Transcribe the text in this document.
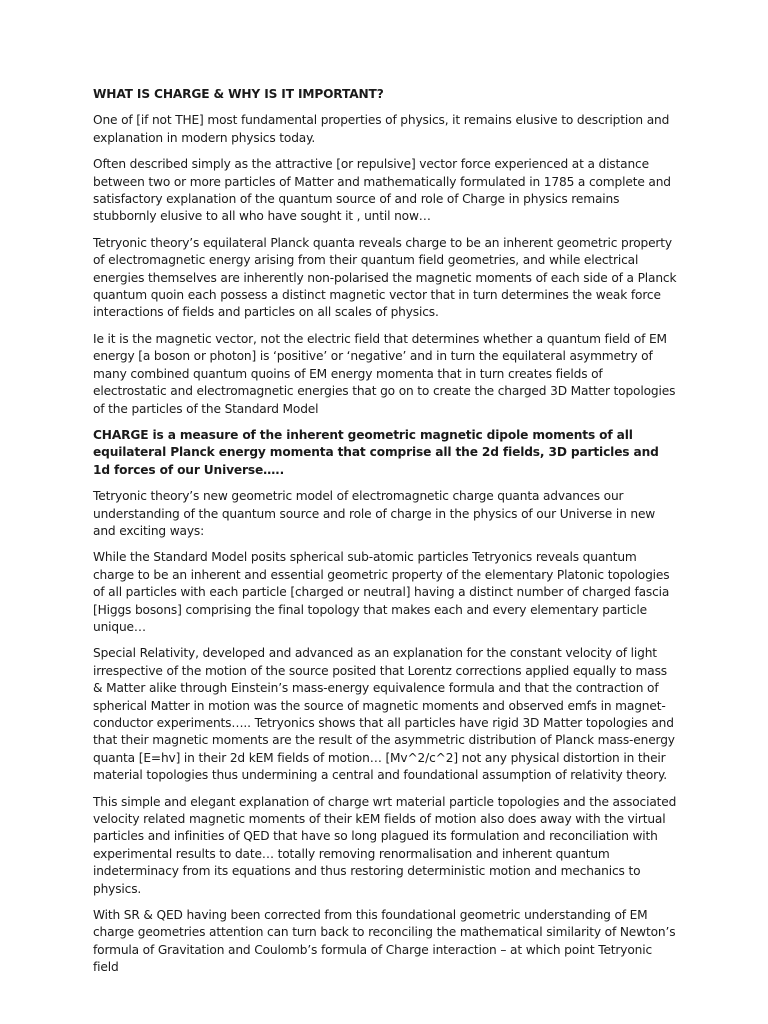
WHAT IS CHARGE & WHY IS IT IMPORTANT?

One of [if not THE] most fundamental properties of physics, it remains elusive to description and explanation in modern physics today.

Often described simply as the attractive [or repulsive] vector force experienced at a distance between two or more particles of Matter and mathematically formulated in 1785 a complete and satisfactory explanation of the quantum source of and role of Charge in physics remains stubbornly elusive to all who have sought it , until now…

Tetryonic theory’s equilateral Planck quanta reveals charge to be an inherent geometric property of electromagnetic energy arising from their quantum field geometries, and while electrical energies themselves are inherently non-polarised the magnetic moments of each side of a Planck quantum quoin each possess a distinct magnetic vector that in turn determines the weak force interactions of fields and particles on all scales of physics.

Ie it is the magnetic vector, not the electric field that determines whether a quantum field of EM energy [a boson or photon] is ‘positive’ or ‘negative’ and in turn the equilateral asymmetry of many combined quantum quoins of EM energy momenta that in turn creates fields of electrostatic and electromagnetic energies that go on to create the charged 3D Matter topologies of the particles of the Standard Model

CHARGE is a measure of the inherent geometric magnetic dipole moments of all equilateral Planck energy momenta that comprise all the 2d fields, 3D particles and 1d forces of our Universe…..

Tetryonic theory’s new geometric model of electromagnetic charge quanta advances our understanding of the quantum source and role of charge in the physics of our Universe in new and exciting ways:

While the Standard Model posits spherical sub-atomic particles Tetryonics reveals quantum charge to be an inherent and essential geometric property of the elementary Platonic topologies of all particles with each particle [charged or neutral] having a distinct number of charged fascia [Higgs bosons] comprising the final topology that makes each and every elementary particle unique…

Special Relativity, developed and advanced as an explanation for the constant velocity of light irrespective of the motion of the source posited that Lorentz corrections applied equally to mass & Matter alike through Einstein’s mass-energy equivalence formula and that the contraction of spherical Matter in motion was the source of magnetic moments and observed emfs in magnet-conductor experiments….. Tetryonics shows that all particles have rigid 3D Matter topologies and that their magnetic moments are the result of the asymmetric distribution of Planck mass-energy quanta [E=hv] in their 2d kEM fields of motion… [Mv^2/c^2] not any physical distortion in their material topologies thus undermining a central and foundational assumption of relativity theory.

This simple and elegant explanation of charge wrt material particle topologies and the associated velocity related magnetic moments of their kEM fields of motion also does away with the virtual particles and infinities of QED that have so long plagued its formulation and reconciliation with experimental results to date… totally removing renormalisation and inherent quantum indeterminacy from its equations and thus restoring deterministic motion and mechanics to physics.

With SR & QED having been corrected from this foundational geometric understanding of EM charge geometries attention can turn back to reconciling the mathematical similarity of Newton’s formula of Gravitation and Coulomb’s formula of Charge interaction – at which point Tetryonic field
